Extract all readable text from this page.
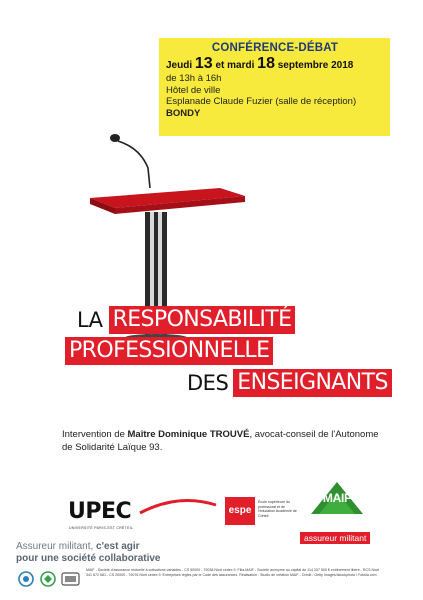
CONFÉRENCE-DÉBAT
Jeudi 13 et mardi 18 septembre 2018
de 13h à 16h
Hôtel de ville
Esplanade Claude Fuzier (salle de réception)
BONDY
LA RESPONSABILITÉ
PROFESSIONNELLE
DES ENSEIGNANTS
Intervention de Maître Dominique TROUVÉ, avocat-conseil de l'Autonome de Solidarité Laïque 93.
UPEC
UNIVERSITÉ PARIS-EST CRÉTEIL
espe
École supérieure du professorat et de l'éducation Académie de Créteil
MAIF
assureur militant
Assureur militant, c'est agir
pour une société collaborative
MAIF - Société d'assurance mutuelle à cotisations variables - CS 90000 - 79038 Niort cedex 9. Filia-MAIF - Société anonyme au capital de 114 337 500 € entièrement libéré - RCS Niort 341 672 681 - CS 20000 - 79076 Niort cedex 9. Entreprises régies par le Code des assurances. Réalisation : Studio de création MAIF - Crédit : Getty Images/Istockphoto / Fotolia.com
